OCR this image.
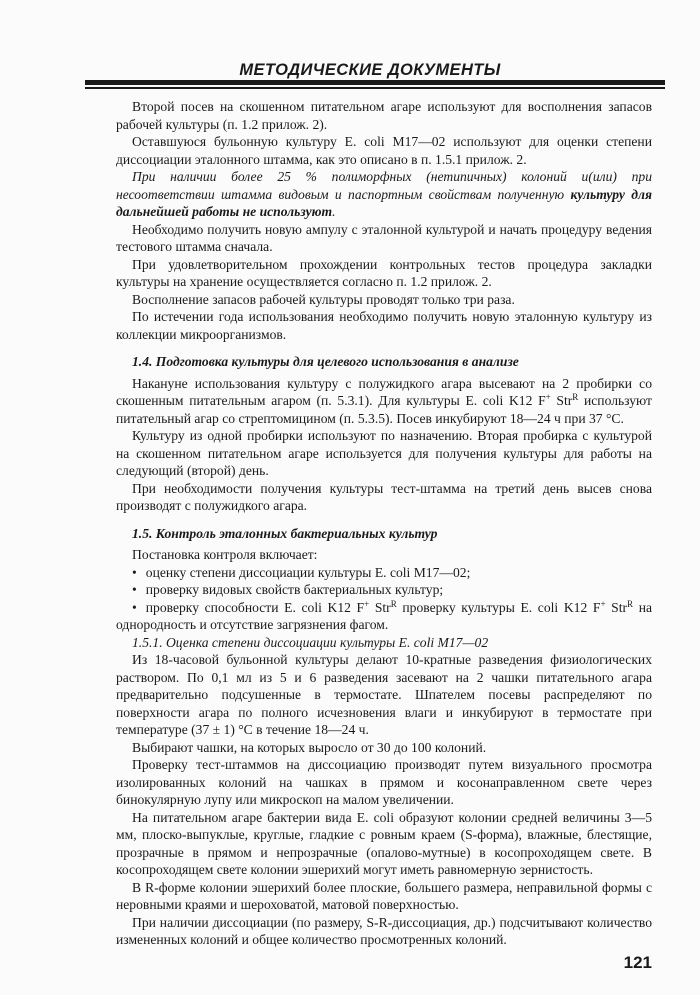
МЕТОДИЧЕСКИЕ ДОКУМЕНТЫ

Второй посев на скошенном питательном агаре используют для восполнения запасов рабочей культуры (п. 1.2 прилож. 2).

Оставшуюся бульонную культуру E. coli M17—02 используют для оценки степени диссоциации эталонного штамма, как это описано в п. 1.5.1 прилож. 2.

При наличии более 25 % полиморфных (нетипичных) колоний и(или) при несоответствии штамма видовым и паспортным свойствам полученную культуру для дальнейшей работы не используют.

Необходимо получить новую ампулу с эталонной культурой и начать процедуру ведения тестового штамма сначала.

При удовлетворительном прохождении контрольных тестов процедура закладки культуры на хранение осуществляется согласно п. 1.2 прилож. 2.

Восполнение запасов рабочей культуры проводят только три раза.

По истечении года использования необходимо получить новую эталонную культуру из коллекции микроорганизмов.

1.4. Подготовка культуры для целевого использования в анализе

Накануне использования культуру с полужидкого агара высевают на 2 пробирки со скошенным питательным агаром (п. 5.3.1). Для культуры E. coli K12 F+ Str$^R$ используют питательный агар со стрептомицином (п. 5.3.5). Посев инкубируют 18—24 ч при 37 °С.

Культуру из одной пробирки используют по назначению. Вторая пробирка с культурой на скошенном питательном агаре используется для получения культуры для работы на следующий (второй) день.

При необходимости получения культуры тест-штамма на третий день высев снова производят с полужидкого агара.

1.5. Контроль эталонных бактериальных культур

Постановка контроля включает:

• оценку степени диссоциации культуры E. coli M17—02;
• проверку видовых свойств бактериальных культур;
• проверку способности E. coli K12 F+ Str$^R$ проверку культуры E. coli K12 F+ Str$^R$ на однородность и отсутствие загрязнения фагом.

1.5.1. Оценка степени диссоциации культуры E. coli M17—02

Из 18-часовой бульонной культуры делают 10-кратные разведения физиологических раствором. По 0,1 мл из 5 и 6 разведения засевают на 2 чашки питательного агара предварительно подсушенные в термостате. Шпателем посевы распределяют по поверхности агара по полного исчезновения влаги и инкубируют в термостате при температуре (37 ± 1) °С в течение 18—24 ч.

Выбирают чашки, на которых выросло от 30 до 100 колоний.

Проверку тест-штаммов на диссоциацию производят путем визуального просмотра изолированных колоний на чашках в прямом и косонаправленном свете через бинокулярную лупу или микроскоп на малом увеличении.

На питательном агаре бактерии вида E. coli образуют колонии средней величины 3—5 мм, плоско-выпуклые, круглые, гладкие с ровным краем (S-форма), влажные, блестящие, прозрачные в прямом и непрозрачные (опалово-мутные) в косопроходящем свете. В косопроходящем свете колонии эшерихий могут иметь равномерную зернистость.

В R-форме колонии эшерихий более плоские, большего размера, неправильной формы с неровными краями и шероховатой, матовой поверхностью.

При наличии диссоциации (по размеру, S-R-диссоциация, др.) подсчитывают количество измененных колоний и общее количество просмотренных колоний.

121
